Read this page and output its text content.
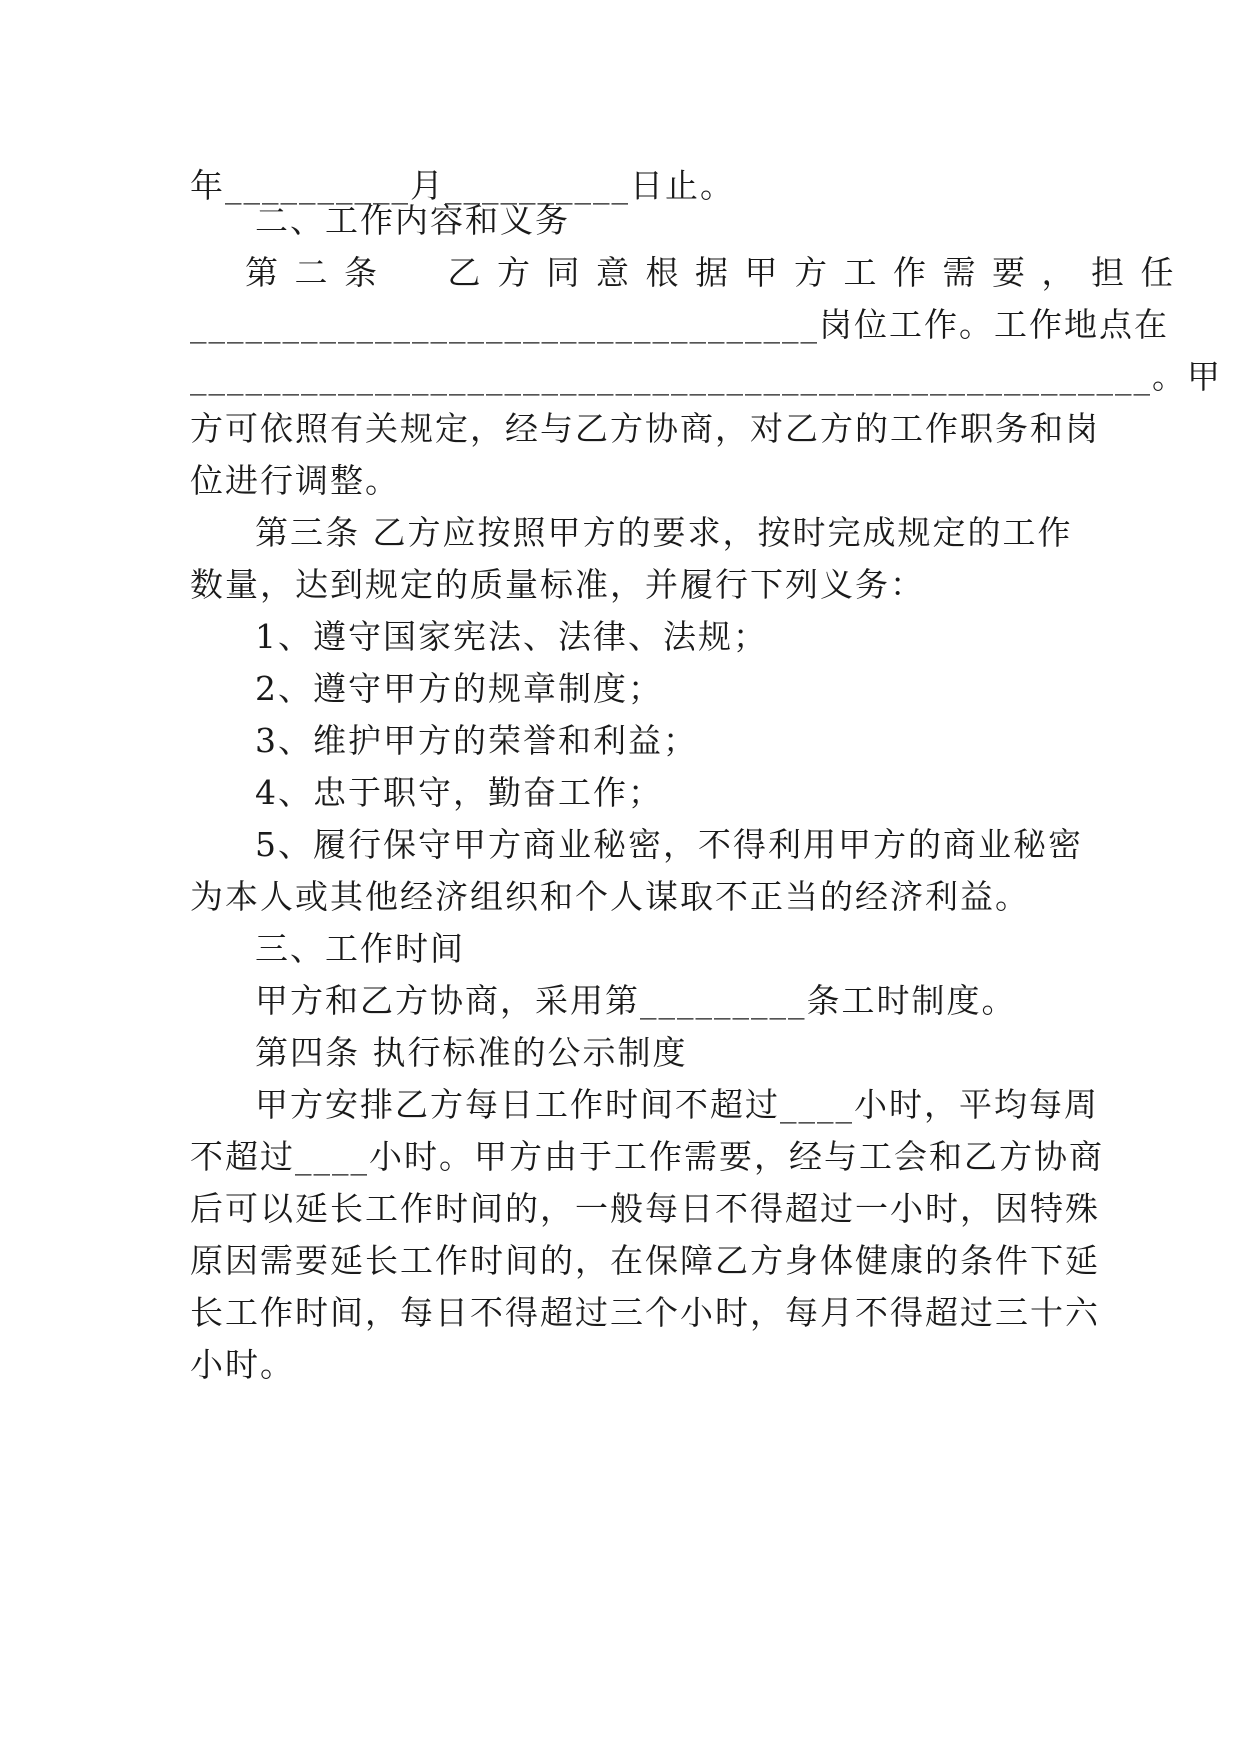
年__________月__________日止。
二、工作内容和义务
第二条  乙方同意根据甲方工作需要，担任
__________________________________岗位工作。工作地点在
____________________________________________________。甲
方可依照有关规定，经与乙方协商，对乙方的工作职务和岗
位进行调整。
第三条 乙方应按照甲方的要求，按时完成规定的工作
数量，达到规定的质量标准，并履行下列义务：
1、遵守国家宪法、法律、法规；
2、遵守甲方的规章制度；
3、维护甲方的荣誉和利益；
4、忠于职守，勤奋工作；
5、履行保守甲方商业秘密，不得利用甲方的商业秘密
为本人或其他经济组织和个人谋取不正当的经济利益。
三、工作时间
甲方和乙方协商，采用第_________条工时制度。
第四条 执行标准的公示制度
甲方安排乙方每日工作时间不超过____小时，平均每周
不超过____小时。甲方由于工作需要，经与工会和乙方协商
后可以延长工作时间的，一般每日不得超过一小时，因特殊
原因需要延长工作时间的，在保障乙方身体健康的条件下延
长工作时间，每日不得超过三个小时，每月不得超过三十六
小时。
